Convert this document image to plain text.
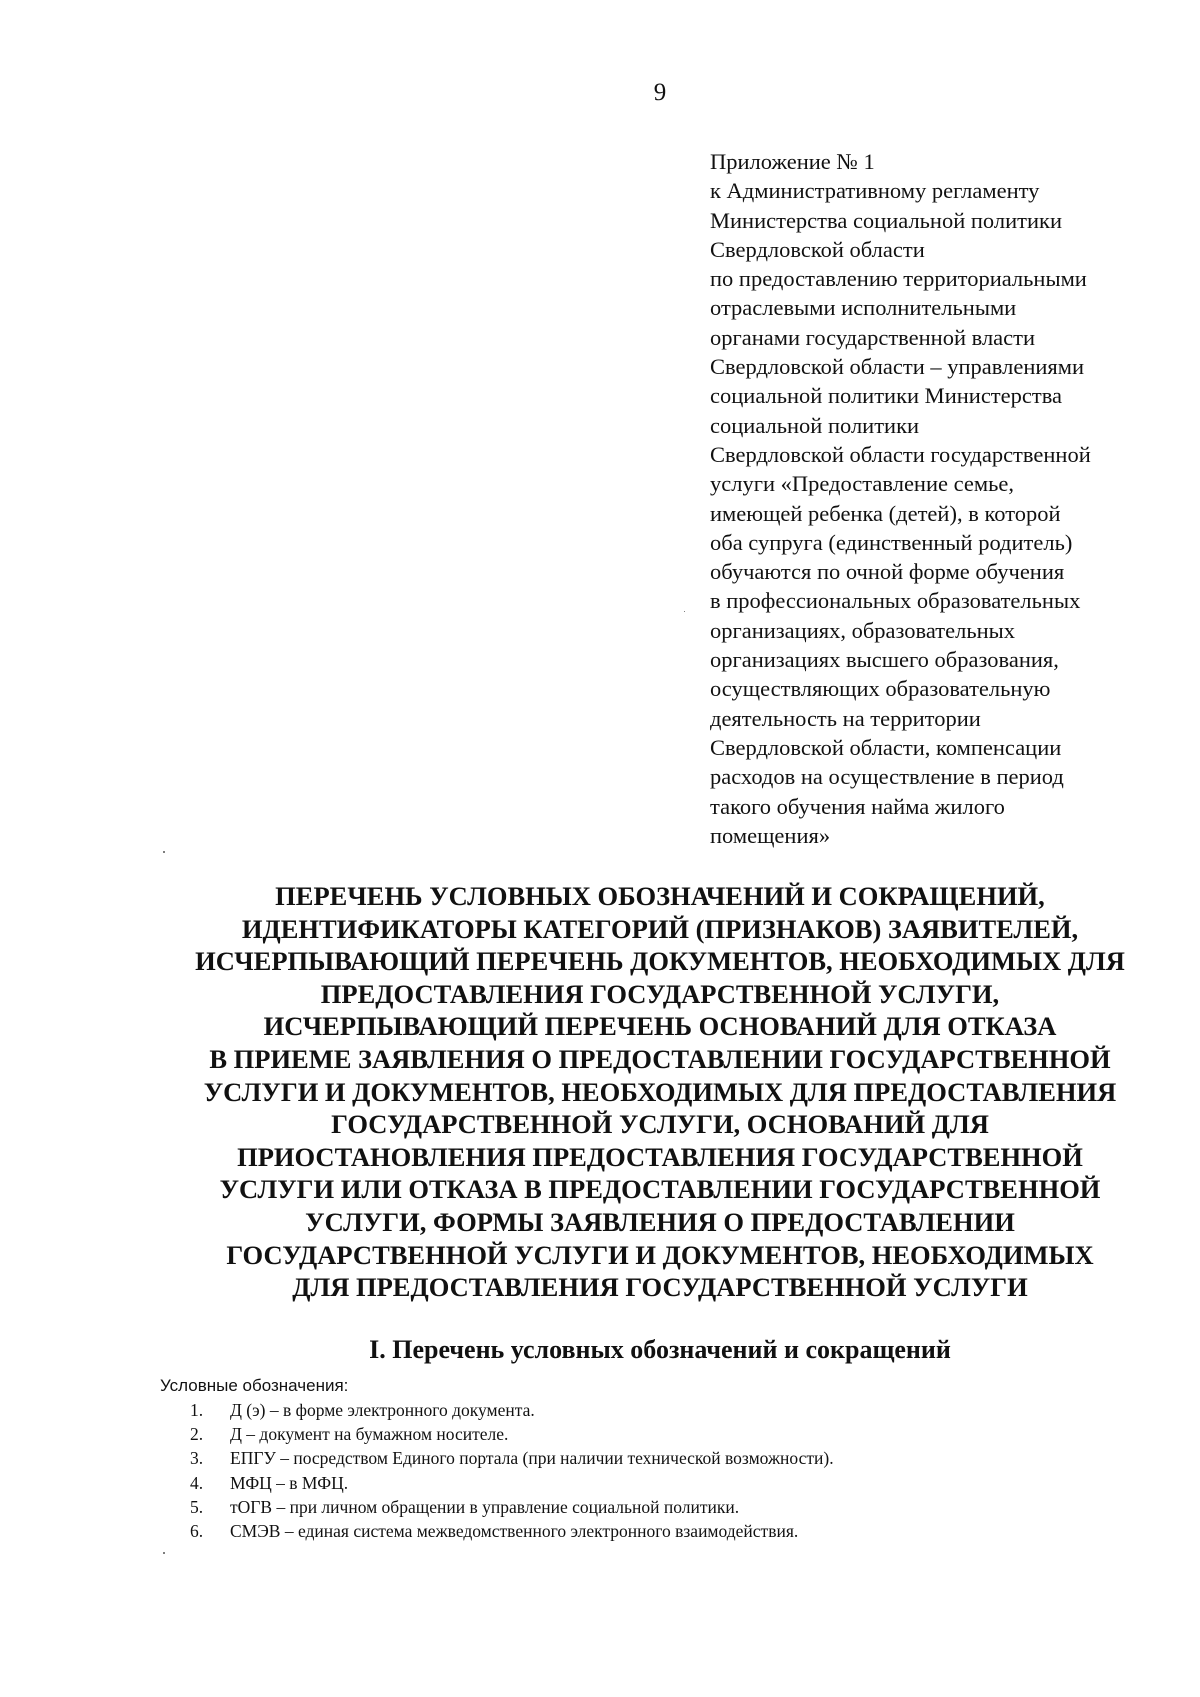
9
Приложение № 1
к Административному регламенту
Министерства социальной политики
Свердловской области
по предоставлению территориальными
отраслевыми исполнительными
органами государственной власти
Свердловской области – управлениями
социальной политики Министерства
социальной политики
Свердловской области государственной
услуги «Предоставление семье,
имеющей ребенка (детей), в которой
оба супруга (единственный родитель)
обучаются по очной форме обучения
в профессиональных образовательных
организациях, образовательных
организациях высшего образования,
осуществляющих образовательную
деятельность на территории
Свердловской области, компенсации
расходов на осуществление в период
такого обучения найма жилого
помещения»
ПЕРЕЧЕНЬ УСЛОВНЫХ ОБОЗНАЧЕНИЙ И СОКРАЩЕНИЙ,
ИДЕНТИФИКАТОРЫ КАТЕГОРИЙ (ПРИЗНАКОВ) ЗАЯВИТЕЛЕЙ,
ИСЧЕРПЫВАЮЩИЙ ПЕРЕЧЕНЬ ДОКУМЕНТОВ, НЕОБХОДИМЫХ ДЛЯ
ПРЕДОСТАВЛЕНИЯ ГОСУДАРСТВЕННОЙ УСЛУГИ,
ИСЧЕРПЫВАЮЩИЙ ПЕРЕЧЕНЬ ОСНОВАНИЙ ДЛЯ ОТКАЗА
В ПРИЕМЕ ЗАЯВЛЕНИЯ О ПРЕДОСТАВЛЕНИИ ГОСУДАРСТВЕННОЙ
УСЛУГИ И ДОКУМЕНТОВ, НЕОБХОДИМЫХ ДЛЯ ПРЕДОСТАВЛЕНИЯ
ГОСУДАРСТВЕННОЙ УСЛУГИ, ОСНОВАНИЙ ДЛЯ
ПРИОСТАНОВЛЕНИЯ ПРЕДОСТАВЛЕНИЯ ГОСУДАРСТВЕННОЙ
УСЛУГИ ИЛИ ОТКАЗА В ПРЕДОСТАВЛЕНИИ ГОСУДАРСТВЕННОЙ
УСЛУГИ, ФОРМЫ ЗАЯВЛЕНИЯ О ПРЕДОСТАВЛЕНИИ
ГОСУДАРСТВЕННОЙ УСЛУГИ И ДОКУМЕНТОВ, НЕОБХОДИМЫХ
ДЛЯ ПРЕДОСТАВЛЕНИЯ ГОСУДАРСТВЕННОЙ УСЛУГИ
I. Перечень условных обозначений и сокращений
Условные обозначения:
1.	Д (э) – в форме электронного документа.
2.	Д – документ на бумажном носителе.
3.	ЕПГУ – посредством Единого портала (при наличии технической возможности).
4.	МФЦ – в МФЦ.
5.	тОГВ – при личном обращении в управление социальной политики.
6.	СМЭВ – единая система межведомственного электронного взаимодействия.
